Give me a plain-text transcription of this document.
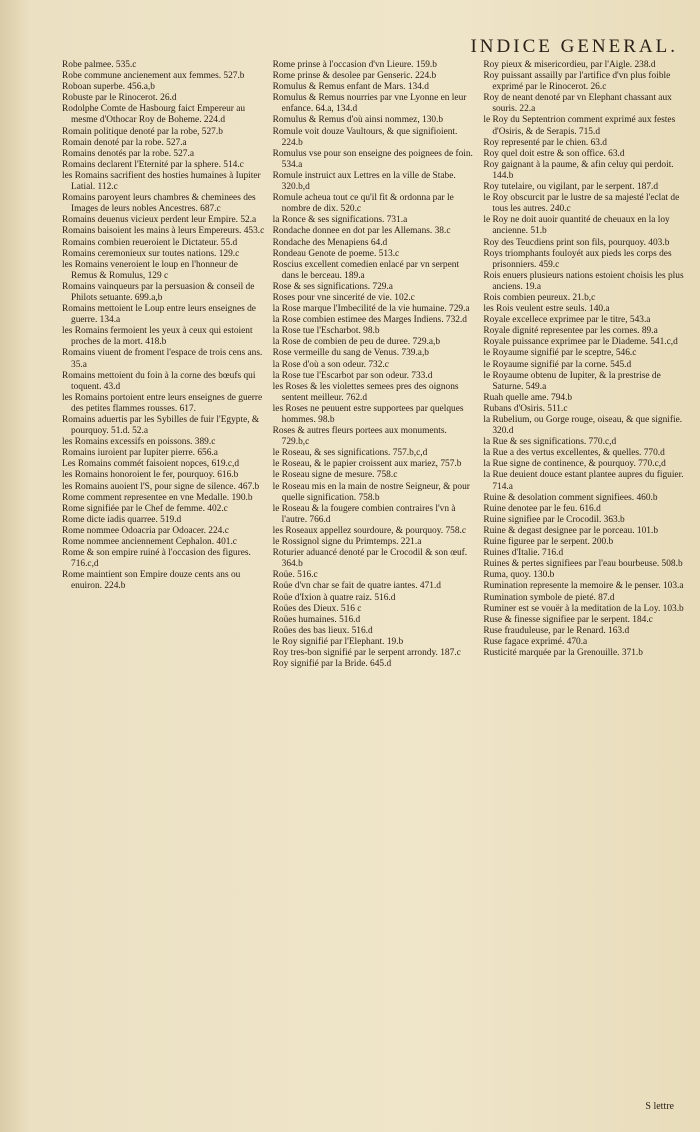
INDICE GENERAL.

Robe palmee. 535.c

Robe commune ancienement aux femmes. 527.b

Roboan superbe. 456.a,b

Robuste par le Rinocerot. 26.d

Rodolphe Comte de Hasbourg faict Empereur au mesme d'Othocar Roy de Boheme. 224.d

Romain politique denoté par la robe, 527.b

Romain denoté par la robe. 527.a

Romains denotés par la robe. 527.a

Romains declarent l'Eternité par la sphere. 514.c

les Romains sacrifient des hosties humaines à Iupiter Latial. 112.c

Romains paroyent leurs chambres & cheminees des Images de leurs nobles Ancestres. 687.c

Romains deuenus vicieux perdent leur Empire. 52.a

Romains baisoient les mains à leurs Empereurs. 453.c

Romains combien reueroient le Dictateur. 55.d

Romains ceremonieux sur toutes nations. 129.c

les Romains veneroient le loup en l'honneur de Remus & Romulus, 129 c

Romains vainqueurs par la persuasion & conseil de Philots setuante. 699.a,b

Romains mettoient le Loup entre leurs enseignes de guerre. 134.a

les Romains fermoient les yeux à ceux qui estoient proches de la mort. 418.b

Romains viuent de froment l'espace de trois cens ans. 35.a

Romains mettoient du foin à la corne des bœufs qui toquent. 43.d

les Romains portoient entre leurs enseignes de guerre des petites flammes rousses. 617.

Romains aduertis par les Sybilles de fuir l'Egypte, & pourquoy. 51.d. 52.a

les Romains excessifs en poissons. 389.c

Romains iuroient par Iupiter pierre. 656.a

Les Romains commét faisoient nopces, 619.c,d

les Romains honoroient le fer, pourquoy. 616.b

les Romains auoient l'S, pour signe de silence. 467.b

Rome comment representee en vne Medalle. 190.b

Rome signifiée par le Chef de femme. 402.c

Rome dicte iadis quarree. 519.d

Rome nommee Odoacria par Odoacer. 224.c

Rome nommee anciennement Cephalon. 401.c

Rome & son empire ruiné à l'occasion des figures. 716.c,d

Rome maintient son Empire douze cents ans ou enuiron. 224.b

Rome prinse à l'occasion d'vn Lieure. 159.b

Rome prinse & desolee par Genseric. 224.b

Romulus & Remus enfant de Mars. 134.d

Romulus & Remus nourries par vne Lyonne en leur enfance. 64.a, 134.d

Romulus & Remus d'où ainsi nommez, 130.b

Romule voit douze Vaultours, & que signifioient. 224.b

Romulus vse pour son enseigne des poignees de foin. 534.a

Romule instruict aux Lettres en la ville de Stabe. 320.b,d

Romule acheua tout ce qu'il fit & ordonna par le nombre de dix. 520.c

la Ronce & ses significations. 731.a

Rondache donnee en dot par les Allemans. 38.c

Rondache des Menapiens 64.d

Rondeau Genote de poeme. 513.c

Roscius excellent comedien enlacé par vn serpent dans le berceau. 189.a

Rose & ses significations. 729.a

Roses pour vne sincerité de vie. 102.c

la Rose marque l'Imbecilité de la vie humaine. 729.a

la Rose combien estimee des Marges Indiens. 732.d

la Rose tue l'Escharbot. 98.b

la Rose de combien de peu de duree. 729.a,b

Rose vermeille du sang de Venus. 739.a,b

la Rose d'où a son odeur. 732.c

la Rose tue l'Escarbot par son odeur. 733.d

les Roses & les violettes semees pres des oignons sentent meilleur. 762.d

les Roses ne peuuent estre supportees par quelques hommes. 98.b

Roses & autres fleurs portees aux monuments. 729.b,c

le Roseau, & ses significations. 757.b,c,d

le Roseau, & le papier croissent aux mariez, 757.b

le Roseau signe de mesure. 758.c

le Roseau mis en la main de nostre Seigneur, & pour quelle signification. 758.b

le Roseau & la fougere combien contraires l'vn à l'autre. 766.d

les Roseaux appellez sourdoure, & pourquoy. 758.c

le Rossignol signe du Primtemps. 221.a

Roturier aduancé denoté par le Crocodil & son œuf. 364.b

Roüe. 516.c

Roüe d'vn char se fait de quatre iantes. 471.d

Roüe d'Ixion à quatre raiz. 516.d

Roües des Dieux. 516 c

Roües humaines. 516.d

Roües des bas lieux. 516.d

le Roy signifié par l'Elephant. 19.b

Roy tres-bon signifié par le serpent arrondy. 187.c

Roy signifié par la Bride. 645.d

Roy pieux & misericordieu, par l'Aigle. 238.d

Roy puissant assailly par l'artifice d'vn plus foible exprimé par le Rinocerot. 26.c

Roy de neant denoté par vn Elephant chassant aux souris. 22.a

le Roy du Septentrion comment exprimé aux festes d'Osiris, & de Serapis. 715.d

Roy representé par le chien. 63.d

Roy quel doit estre & son office. 63.d

Roy gaignant à la paume, & afin celuy qui perdoit. 144.b

Roy tutelaire, ou vigilant, par le serpent. 187.d

le Roy obscurcit par le lustre de sa majesté l'eclat de tous les autres. 240.c

le Roy ne doit auoir quantité de cheuaux en la loy ancienne. 51.b

Roy des Teucdiens print son fils, pourquoy. 403.b

Roys triomphants fouloyét aux pieds les corps des prisonniers. 459.c

Rois enuers plusieurs nations estoient choisis les plus anciens. 19.a

Rois combien peureux. 21.b,c

les Rois veulent estre seuls. 140.a

Royale excellece exprimee par le titre, 543.a

Royale dignité representee par les cornes. 89.a

Royale puissance exprimee par le Diademe. 541.c,d

le Royaume signifié par le sceptre, 546.c

le Royaume signifié par la corne. 545.d

le Royaume obtenu de Iupiter, & la prestrise de Saturne. 549.a

Ruah quelle ame. 794.b

Rubans d'Osiris. 511.c

la Rubelium, ou Gorge rouge, oiseau, & que signifie. 320.d

la Rue & ses significations. 770.c,d

la Rue a des vertus excellentes, & quelles. 770.d

la Rue signe de continence, & pourquoy. 770.c,d

la Rue deuient douce estant plantee aupres du figuier. 714.a

Ruine & desolation comment signifiees. 460.b

Ruine denotee par le feu. 616.d

Ruine signifiee par le Crocodil. 363.b

Ruine & degast designee par le porceau. 101.b

Ruine figuree par le serpent. 200.b

Ruines d'Italie. 716.d

Ruines & pertes signifiees par l'eau bourbeuse. 508.b

Ruma, quoy. 130.b

Rumination represente la memoire & le penser. 103.a

Rumination symbole de pieté. 87.d

Ruminer est se vouër à la meditation de la Loy. 103.b

Ruse & finesse signifiee par le serpent. 184.c

Ruse frauduleuse, par le Renard. 163.d

Ruse fagace exprimé. 470.a

Rusticité marquée par la Grenouille. 371.b

S lettre
